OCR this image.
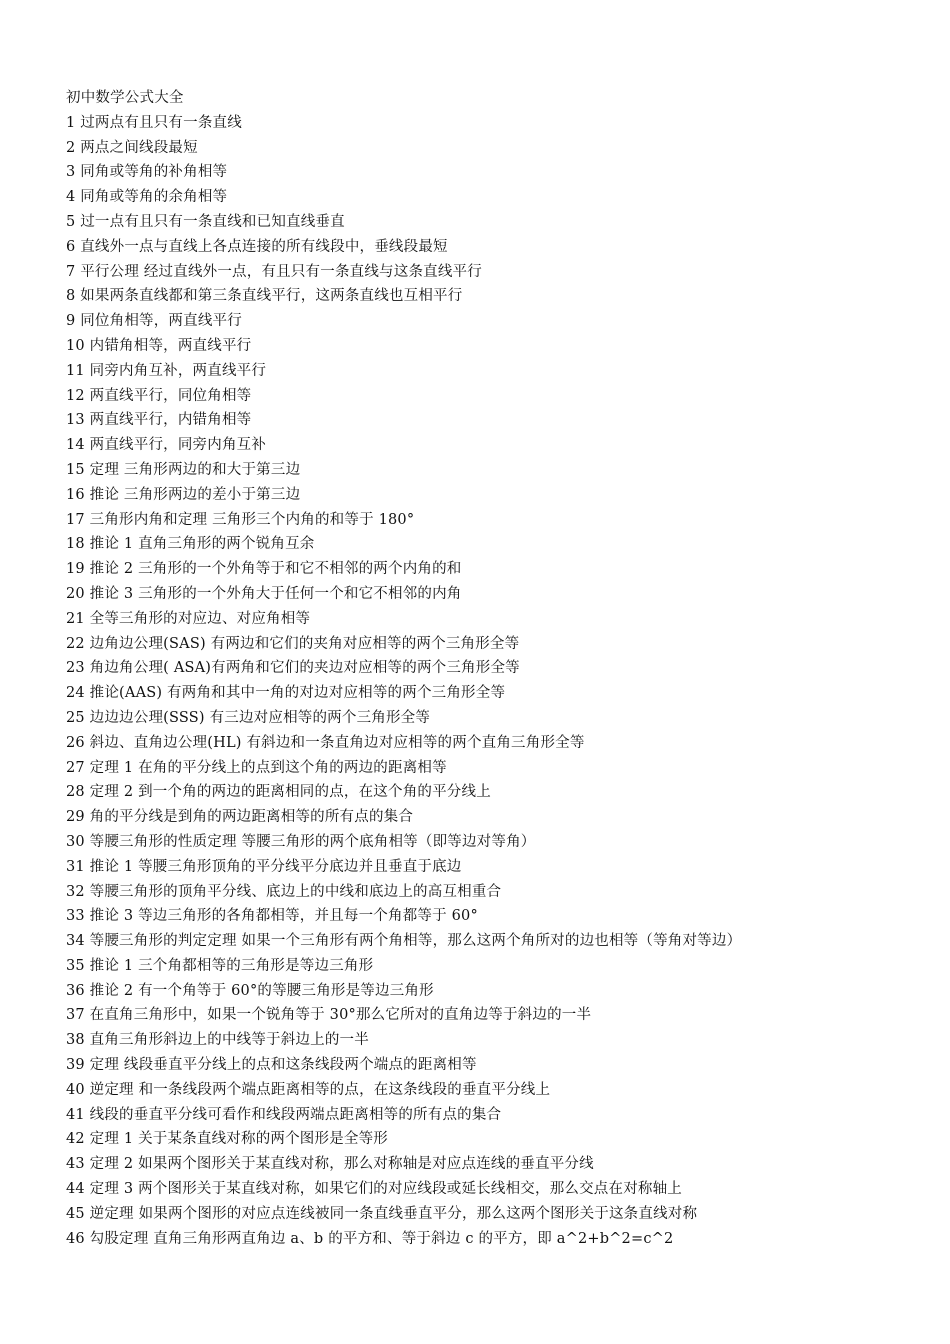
初中数学公式大全
1 过两点有且只有一条直线
2 两点之间线段最短
3 同角或等角的补角相等
4 同角或等角的余角相等
5 过一点有且只有一条直线和已知直线垂直
6 直线外一点与直线上各点连接的所有线段中，垂线段最短
7 平行公理 经过直线外一点，有且只有一条直线与这条直线平行
8 如果两条直线都和第三条直线平行，这两条直线也互相平行
9 同位角相等，两直线平行
10 内错角相等，两直线平行
11 同旁内角互补，两直线平行
12 两直线平行，同位角相等
13 两直线平行，内错角相等
14 两直线平行，同旁内角互补
15 定理 三角形两边的和大于第三边
16 推论 三角形两边的差小于第三边
17 三角形内角和定理 三角形三个内角的和等于 180°
18 推论 1 直角三角形的两个锐角互余
19 推论 2 三角形的一个外角等于和它不相邻的两个内角的和
20 推论 3 三角形的一个外角大于任何一个和它不相邻的内角
21 全等三角形的对应边、对应角相等
22 边角边公理(SAS) 有两边和它们的夹角对应相等的两个三角形全等
23 角边角公理( ASA)有两角和它们的夹边对应相等的两个三角形全等
24 推论(AAS) 有两角和其中一角的对边对应相等的两个三角形全等
25 边边边公理(SSS) 有三边对应相等的两个三角形全等
26 斜边、直角边公理(HL) 有斜边和一条直角边对应相等的两个直角三角形全等
27 定理 1 在角的平分线上的点到这个角的两边的距离相等
28 定理 2 到一个角的两边的距离相同的点，在这个角的平分线上
29 角的平分线是到角的两边距离相等的所有点的集合
30 等腰三角形的性质定理 等腰三角形的两个底角相等（即等边对等角）
31 推论 1 等腰三角形顶角的平分线平分底边并且垂直于底边
32 等腰三角形的顶角平分线、底边上的中线和底边上的高互相重合
33 推论 3 等边三角形的各角都相等，并且每一个角都等于 60°
34 等腰三角形的判定定理 如果一个三角形有两个角相等，那么这两个角所对的边也相等（等角对等边）
35 推论 1 三个角都相等的三角形是等边三角形
36 推论 2 有一个角等于 60°的等腰三角形是等边三角形
37 在直角三角形中，如果一个锐角等于 30°那么它所对的直角边等于斜边的一半
38 直角三角形斜边上的中线等于斜边上的一半
39 定理 线段垂直平分线上的点和这条线段两个端点的距离相等
40 逆定理 和一条线段两个端点距离相等的点，在这条线段的垂直平分线上
41 线段的垂直平分线可看作和线段两端点距离相等的所有点的集合
42 定理 1 关于某条直线对称的两个图形是全等形
43 定理 2 如果两个图形关于某直线对称，那么对称轴是对应点连线的垂直平分线
44 定理 3 两个图形关于某直线对称，如果它们的对应线段或延长线相交，那么交点在对称轴上
45 逆定理 如果两个图形的对应点连线被同一条直线垂直平分，那么这两个图形关于这条直线对称
46 勾股定理 直角三角形两直角边 a、b 的平方和、等于斜边 c 的平方，即 a^2+b^2=c^2
